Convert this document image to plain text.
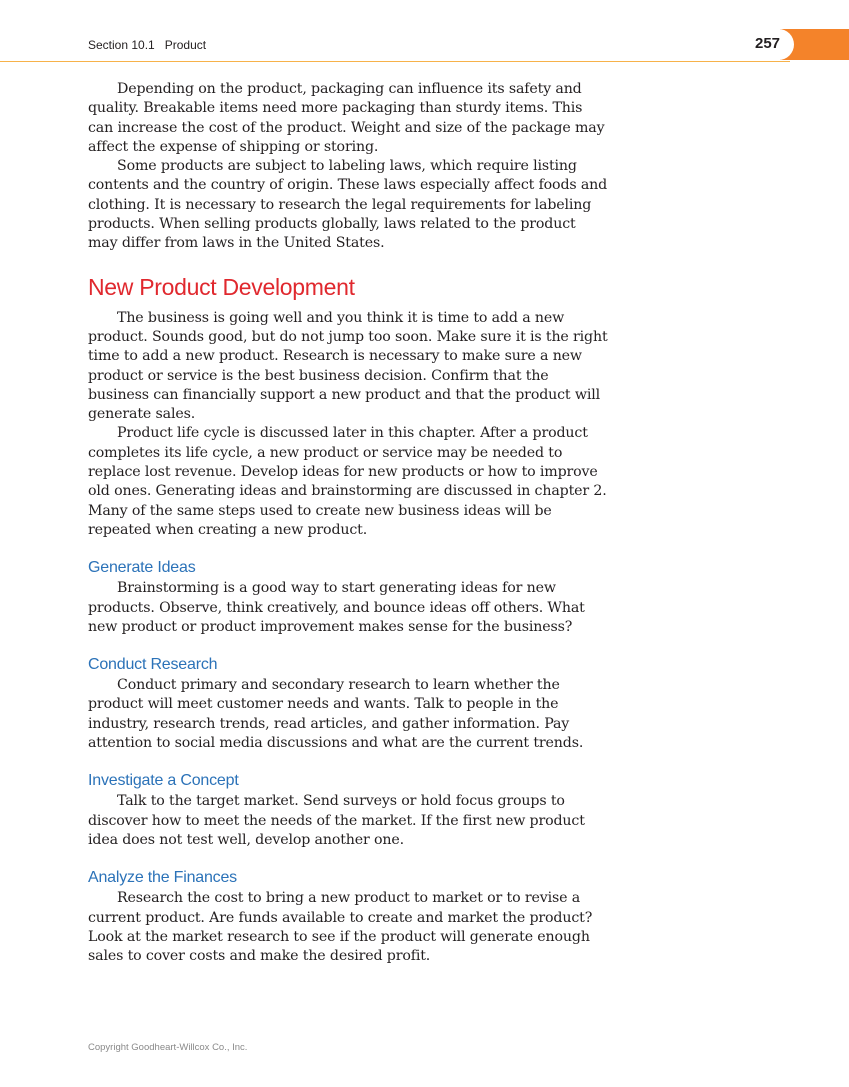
Section 10.1 Product	257

Depending on the product, packaging can influence its safety and quality. Breakable items need more packaging than sturdy items. This can increase the cost of the product. Weight and size of the package may affect the expense of shipping or storing.

Some products are subject to labeling laws, which require listing contents and the country of origin. These laws especially affect foods and clothing. It is necessary to research the legal requirements for labeling products. When selling products globally, laws related to the product may differ from laws in the United States.

New Product Development

The business is going well and you think it is time to add a new product. Sounds good, but do not jump too soon. Make sure it is the right time to add a new product. Research is necessary to make sure a new product or service is the best business decision. Confirm that the business can financially support a new product and that the product will generate sales.

Product life cycle is discussed later in this chapter. After a product completes its life cycle, a new product or service may be needed to replace lost revenue. Develop ideas for new products or how to improve old ones. Generating ideas and brainstorming are discussed in chapter 2. Many of the same steps used to create new business ideas will be repeated when creating a new product.

Generate Ideas

Brainstorming is a good way to start generating ideas for new products. Observe, think creatively, and bounce ideas off others. What new product or product improvement makes sense for the business?

Conduct Research

Conduct primary and secondary research to learn whether the product will meet customer needs and wants. Talk to people in the industry, research trends, read articles, and gather information. Pay attention to social media discussions and what are the current trends.

Investigate a Concept

Talk to the target market. Send surveys or hold focus groups to discover how to meet the needs of the market. If the first new product idea does not test well, develop another one.

Analyze the Finances

Research the cost to bring a new product to market or to revise a current product. Are funds available to create and market the product? Look at the market research to see if the product will generate enough sales to cover costs and make the desired profit.

Copyright Goodheart-Willcox Co., Inc.
